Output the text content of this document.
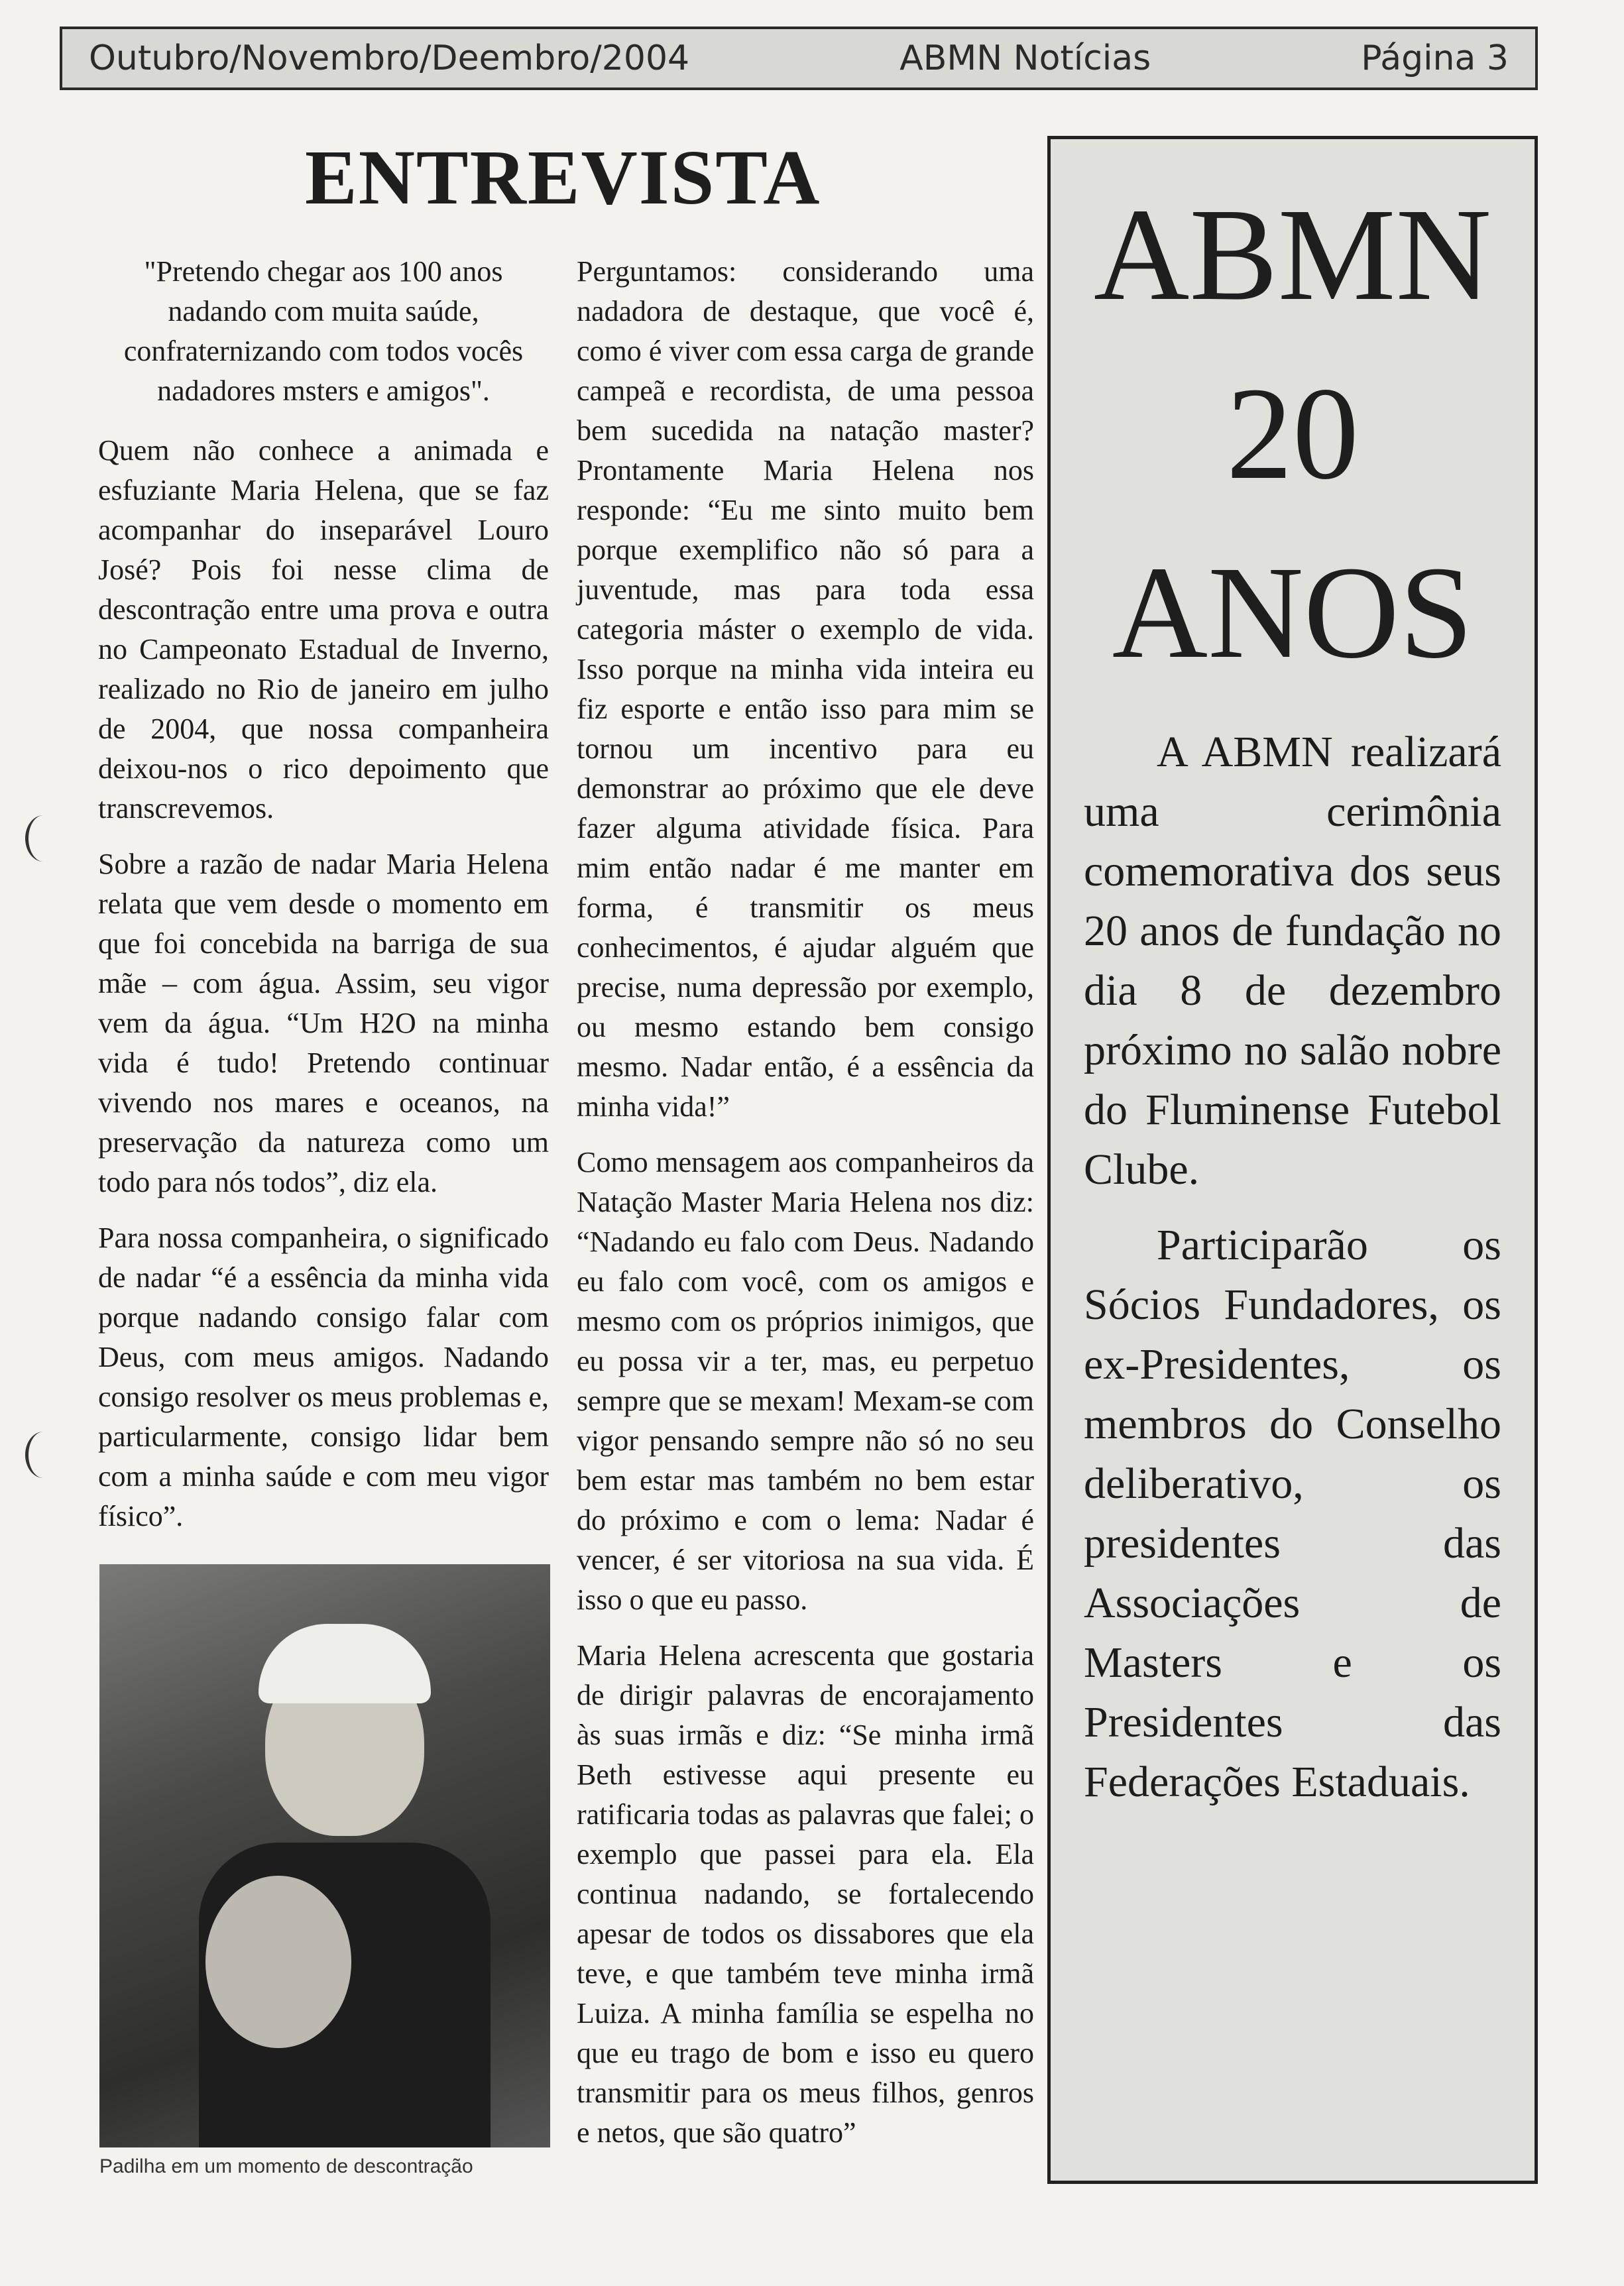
Outubro/Novembro/Deembro/2004	ABMN Notícias	Página 3
ENTREVISTA

"Pretendo chegar aos 100 anos nadando com muita saúde, confraternizando com todos vocês nadadores msters e amigos".

Quem não conhece a animada e esfuziante Maria Helena, que se faz acompanhar do inseparável Louro José? Pois foi nesse clima de descontração entre uma prova e outra no Campeonato Estadual de Inverno, realizado no Rio de janeiro em julho de 2004, que nossa companheira deixou-nos o rico depoimento que transcrevemos.

Sobre a razão de nadar Maria Helena relata que vem desde o momento em que foi concebida na barriga de sua mãe – com água. Assim, seu vigor vem da água. “Um H2O na minha vida é tudo! Pretendo continuar vivendo nos mares e oceanos, na preservação da natureza como um todo para nós todos”, diz ela.

Para nossa companheira, o significado de nadar “é a essência da minha vida porque nadando consigo falar com Deus, com meus amigos. Nadando consigo resolver os meus problemas e, particularmente, consigo lidar bem com a minha saúde e com meu vigor físico”.

Padilha em um momento de descontração

Perguntamos: considerando uma nadadora de destaque, que você é, como é viver com essa carga de grande campeã e recordista, de uma pessoa bem sucedida na natação master? Prontamente Maria Helena nos responde: “Eu me sinto muito bem porque exemplifico não só para a juventude, mas para toda essa categoria máster o exemplo de vida. Isso porque na minha vida inteira eu fiz esporte e então isso para mim se tornou um incentivo para eu demonstrar ao próximo que ele deve fazer alguma atividade física. Para mim então nadar é me manter em forma, é transmitir os meus conhecimentos, é ajudar alguém que precise, numa depressão por exemplo, ou mesmo estando bem consigo mesmo. Nadar então, é a essência da minha vida!”

Como mensagem aos companheiros da Natação Master Maria Helena nos diz: “Nadando eu falo com Deus. Nadando eu falo com você, com os amigos e mesmo com os próprios inimigos, que eu possa vir a ter, mas, eu perpetuo sempre que se mexam! Mexam-se com vigor pensando sempre não só no seu bem estar mas também no bem estar do próximo e com o lema: Nadar é vencer, é ser vitoriosa na sua vida. É isso o que eu passo.

Maria Helena acrescenta que gostaria de dirigir palavras de encorajamento às suas irmãs e diz: “Se minha irmã Beth estivesse aqui presente eu ratificaria todas as palavras que falei; o exemplo que passei para ela. Ela continua nadando, se fortalecendo apesar de todos os dissabores que ela teve, e que também teve minha irmã Luiza. A minha família se espelha no que eu trago de bom e isso eu quero transmitir para os meus filhos, genros e netos, que são quatro”

ABMN
20
ANOS

A ABMN realizará uma cerimônia comemorativa dos seus 20 anos de fundação no dia 8 de dezembro próximo no salão nobre do Fluminense Futebol Clube.

Participarão os Sócios Fundadores, os ex-Presidentes, os membros do Conselho deliberativo, os presidentes das Associações de Masters e os Presidentes das Federações Estaduais.
